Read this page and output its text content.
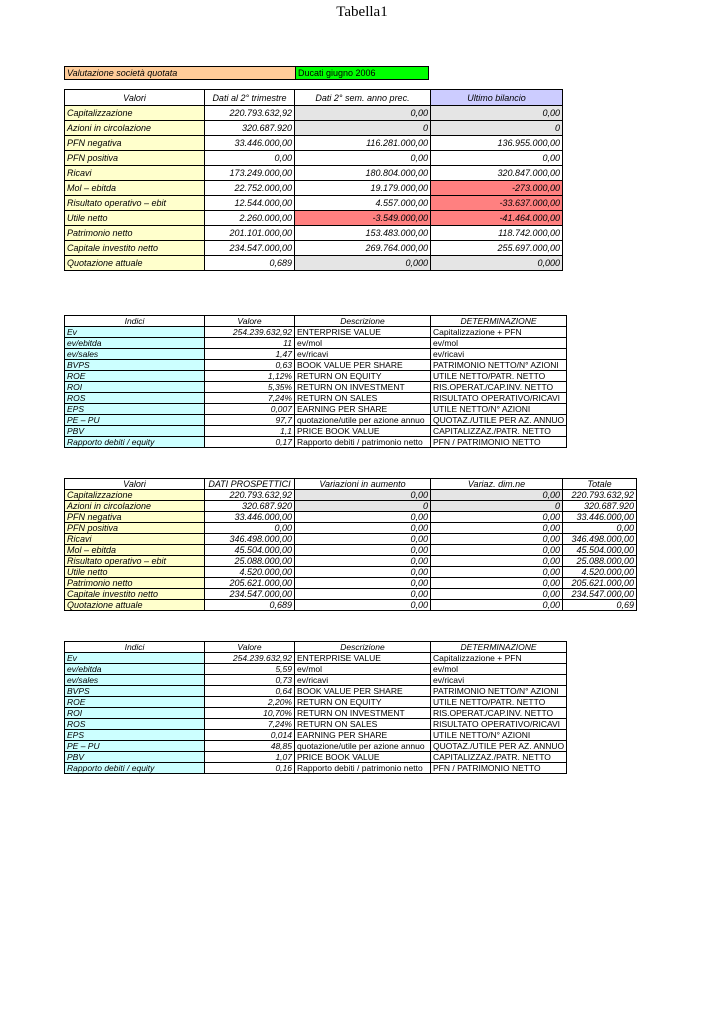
Tabella1
Valutazione società quotata	Ducati giugno 2006
Valori	Dati al 2° trimestre	Dati 2° sem. anno prec.	Ultimo bilancio
Capitalizzazione	220.793.632,92	0,00	0,00
Azioni in circolazione	320.687.920	0	0
PFN negativa	33.446.000,00	116.281.000,00	136.955.000,00
PFN positiva	0,00	0,00	0,00
Ricavi	173.249.000,00	180.804.000,00	320.847.000,00
Mol – ebitda	22.752.000,00	19.179.000,00	-273.000,00
Risultato operativo – ebit	12.544.000,00	4.557.000,00	-33.637.000,00
Utile netto	2.260.000,00	-3.549.000,00	-41.464.000,00
Patrimonio netto	201.101.000,00	153.483.000,00	118.742.000,00
Capitale investito netto	234.547.000,00	269.764.000,00	255.697.000,00
Quotazione attuale	0,689	0,000	0,000
Indici	Valore	Descrizione	DETERMINAZIONE
Ev	254.239.632,92	ENTERPRISE VALUE	Capitalizzazione + PFN
ev/ebitda	11	ev/mol	ev/mol
ev/sales	1,47	ev/ricavi	ev/ricavi
BVPS	0,63	BOOK VALUE PER SHARE	PATRIMONIO NETTO/N° AZIONI
ROE	1,12%	RETURN ON EQUITY	UTILE NETTO/PATR. NETTO
ROI	5,35%	RETURN ON INVESTMENT	RIS.OPERAT./CAP.INV. NETTO
ROS	7,24%	RETURN ON SALES	RISULTATO OPERATIVO/RICAVI
EPS	0,007	EARNING PER SHARE	UTILE NETTO/N° AZIONI
PE – PU	97,7	quotazione/utile per azione annuo	QUOTAZ./UTILE PER AZ. ANNUO
PBV	1,1	PRICE BOOK VALUE	CAPITALIZZAZ./PATR. NETTO
Rapporto debiti / equity	0,17	Rapporto debiti / patrimonio netto	PFN / PATRIMONIO NETTO
Valori	DATI PROSPETTICI	Variazioni in aumento	Variaz. dim.ne	Totale
Capitalizzazione	220.793.632,92	0,00	0,00	220.793.632,92
Azioni in circolazione	320.687.920	0	0	320.687.920
PFN negativa	33.446.000,00	0,00	0,00	33.446.000,00
PFN positiva	0,00	0,00	0,00	0,00
Ricavi	346.498.000,00	0,00	0,00	346.498.000,00
Mol – ebitda	45.504.000,00	0,00	0,00	45.504.000,00
Risultato operativo – ebit	25.088.000,00	0,00	0,00	25.088.000,00
Utile netto	4.520.000,00	0,00	0,00	4.520.000,00
Patrimonio netto	205.621.000,00	0,00	0,00	205.621.000,00
Capitale investito netto	234.547.000,00	0,00	0,00	234.547.000,00
Quotazione attuale	0,689	0,00	0,00	0,69
Indici	Valore	Descrizione	DETERMINAZIONE
Ev	254.239.632,92	ENTERPRISE VALUE	Capitalizzazione + PFN
ev/ebitda	5,59	ev/mol	ev/mol
ev/sales	0,73	ev/ricavi	ev/ricavi
BVPS	0,64	BOOK VALUE PER SHARE	PATRIMONIO NETTO/N° AZIONI
ROE	2,20%	RETURN ON EQUITY	UTILE NETTO/PATR. NETTO
ROI	10,70%	RETURN ON INVESTMENT	RIS.OPERAT./CAP.INV. NETTO
ROS	7,24%	RETURN ON SALES	RISULTATO OPERATIVO/RICAVI
EPS	0,014	EARNING PER SHARE	UTILE NETTO/N° AZIONI
PE – PU	48,85	quotazione/utile per azione annuo	QUOTAZ./UTILE PER AZ. ANNUO
PBV	1,07	PRICE BOOK VALUE	CAPITALIZZAZ./PATR. NETTO
Rapporto debiti / equity	0,16	Rapporto debiti / patrimonio netto	PFN / PATRIMONIO NETTO
